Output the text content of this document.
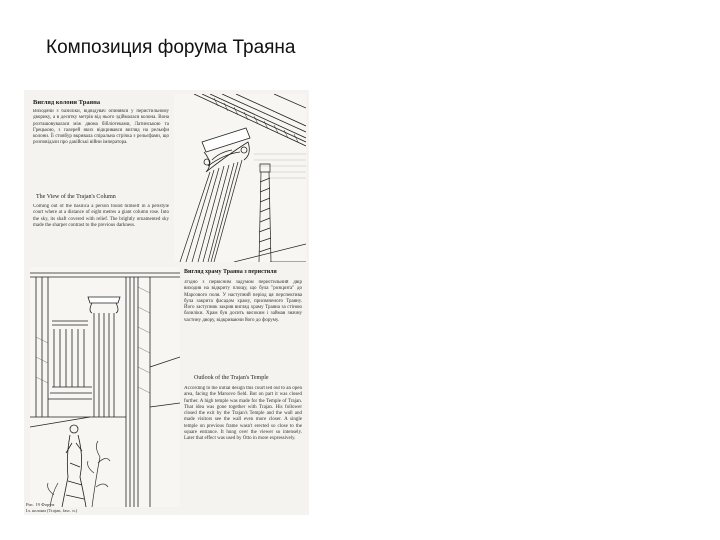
Композиция форума Траяна
Вигляд колони Траяна
Виходячи з базиліки, відвідувач опинявся у перистильному дворику, а в десятку метрів від нього здіймалася колона. Вона розташовувалася між двома бібліотеками, Латинською та Грецькою, з галерей яких відкривався вигляд на рельєфи колони. Її стовбур вкривала спіральна стрічка з рельєфами, що розповідали про дакійські війни імператора.
The View of the Trajan's Column
Coming out of the basilica a person found himself in a peristyle court where at a distance of eight metres a giant column rose. Into the sky, its shaft covered with relief. The brightly ornamented sky made the sharper contrast to the previous darkness.
Вигляд храму Траяна з перистиля
Згідно з первісним задумом перистильний двір виходив на відкриту площу, що була "розкрита" до Марсового поля. У наступний період ця перспектива була закрита фасадом храму, присвяченого Траяну. Його заступник закрив вигляд храму Траяна за стіною базиліки. Храм був досить високим і займав значну частину двору, відкриваючи його до форуму.
Outlook of the Trajan's Temple
According to the initial design this court led out to an open area, facing the Marsovo field. But on part it was closed further. A high temple was made for the Temple of Trajan. That idea was gone together with Trajan. His follower closed the exit by the Trajan's Temple and the wall and made visitors see the wall even more closer. A single temple on previous frame wasn't erected so close to the square entrance. It hung over the viewer so intensely. Later that effect was used by Otto in more expressively.
Рис. 19 Форум
Іл. колони (Trajan, fasc. n.)
